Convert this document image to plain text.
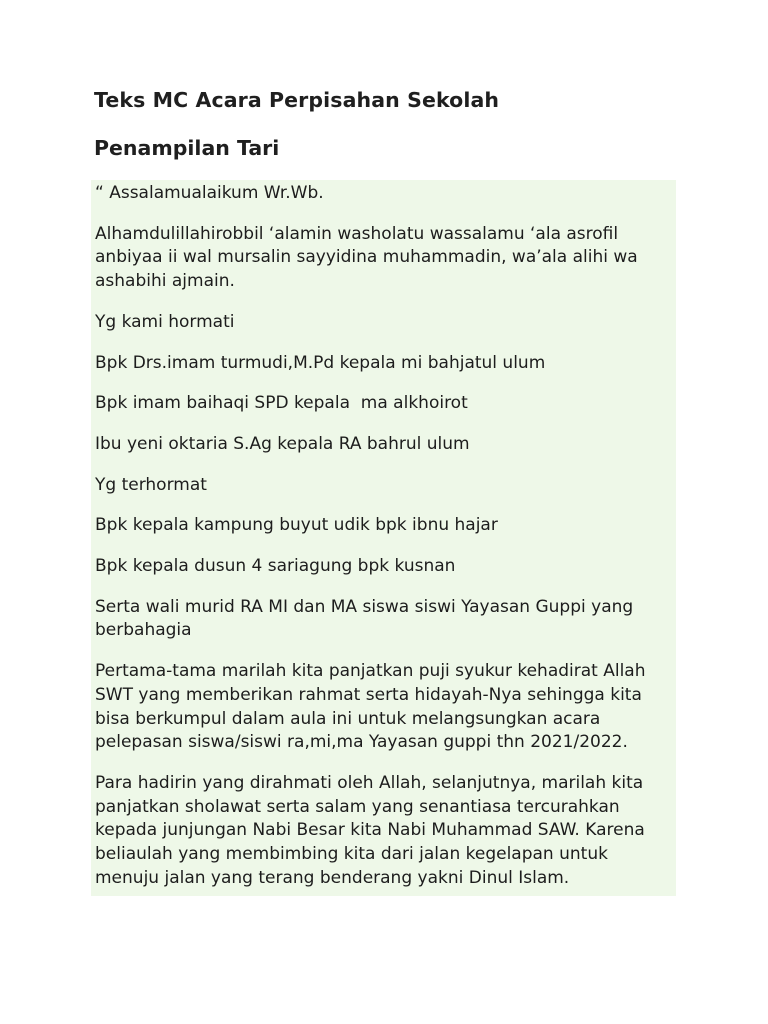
Teks MC Acara Perpisahan Sekolah
Penampilan Tari

“ Assalamualaikum Wr.Wb.

Alhamdulillahirobbil ‘alamin washolatu wassalamu ‘ala asrofil anbiyaa ii wal mursalin sayyidina muhammadin, wa’ala alihi wa ashabihi ajmain.

Yg kami hormati

Bpk Drs.imam turmudi,M.Pd kepala mi bahjatul ulum

Bpk imam baihaqi SPD kepala  ma alkhoirot

Ibu yeni oktaria S.Ag kepala RA bahrul ulum

Yg terhormat

Bpk kepala kampung buyut udik bpk ibnu hajar

Bpk kepala dusun 4 sariagung bpk kusnan

Serta wali murid RA MI dan MA siswa siswi Yayasan Guppi yang berbahagia

Pertama-tama marilah kita panjatkan puji syukur kehadirat Allah SWT yang memberikan rahmat serta hidayah-Nya sehingga kita bisa berkumpul dalam aula ini untuk melangsungkan acara pelepasan siswa/siswi ra,mi,ma Yayasan guppi thn 2021/2022.

Para hadirin yang dirahmati oleh Allah, selanjutnya, marilah kita panjatkan sholawat serta salam yang senantiasa tercurahkan kepada junjungan Nabi Besar kita Nabi Muhammad SAW. Karena beliaulah yang membimbing kita dari jalan kegelapan untuk menuju jalan yang terang benderang yakni Dinul Islam.
